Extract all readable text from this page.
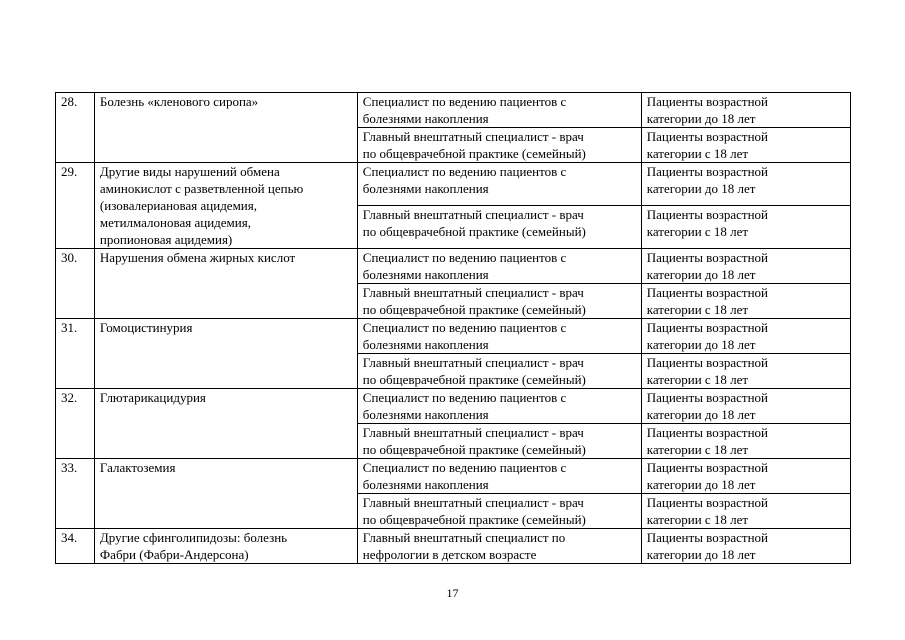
28.	Болезнь «кленового сиропа»	Специалист по ведению пациентов с
болезнями накопления	Пациенты возрастной
категории до 18 лет
		Главный внештатный специалист - врач
по общеврачебной практике (семейный)	Пациенты возрастной
категории с 18 лет
29.	Другие виды нарушений обмена
аминокислот с разветвленной цепью
(изовалериановая ацидемия,
метилмалоновая ацидемия,
пропионовая ацидемия)	Специалист по ведению пациентов с
болезнями накопления	Пациенты возрастной
категории до 18 лет
		Главный внештатный специалист - врач
по общеврачебной практике (семейный)	Пациенты возрастной
категории с 18 лет
30.	Нарушения обмена жирных кислот	Специалист по ведению пациентов с
болезнями накопления	Пациенты возрастной
категории до 18 лет
		Главный внештатный специалист - врач
по общеврачебной практике (семейный)	Пациенты возрастной
категории с 18 лет
31.	Гомоцистинурия	Специалист по ведению пациентов с
болезнями накопления	Пациенты возрастной
категории до 18 лет
		Главный внештатный специалист - врач
по общеврачебной практике (семейный)	Пациенты возрастной
категории с 18 лет
32.	Глютарикацидурия	Специалист по ведению пациентов с
болезнями накопления	Пациенты возрастной
категории до 18 лет
		Главный внештатный специалист - врач
по общеврачебной практике (семейный)	Пациенты возрастной
категории с 18 лет
33.	Галактоземия	Специалист по ведению пациентов с
болезнями накопления	Пациенты возрастной
категории до 18 лет
		Главный внештатный специалист - врач
по общеврачебной практике (семейный)	Пациенты возрастной
категории с 18 лет
34.	Другие сфинголипидозы: болезнь
Фабри (Фабри-Андерсона)	Главный внештатный специалист по
нефрологии в детском возрасте	Пациенты возрастной
категории до 18 лет
17
